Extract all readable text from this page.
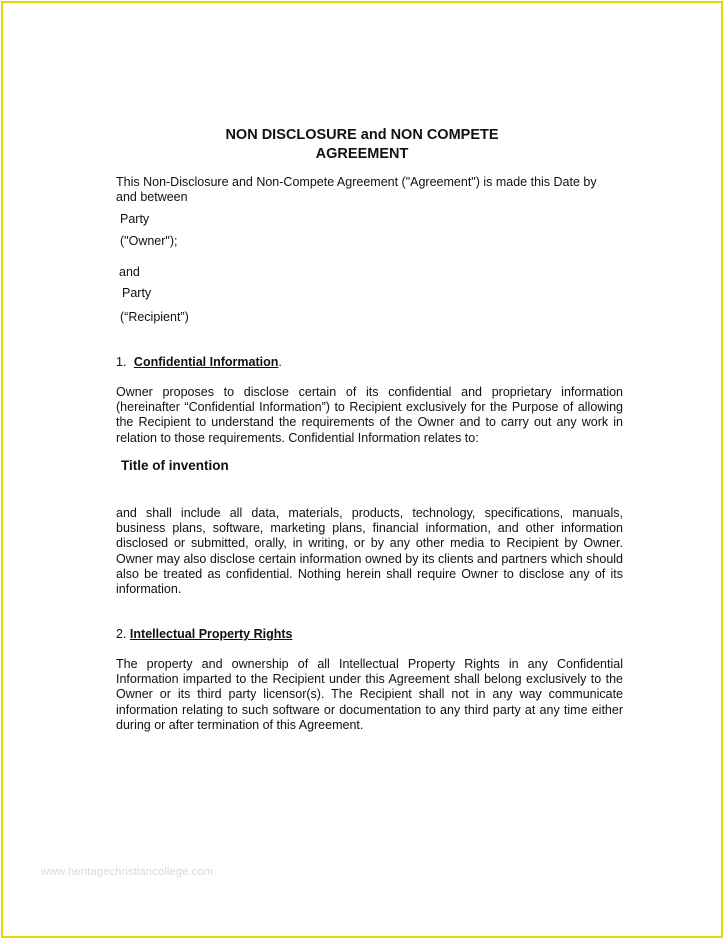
NON DISCLOSURE and NON COMPETE
AGREEMENT
This Non-Disclosure and Non-Compete Agreement ("Agreement") is made this Date by and between
Party
("Owner");
and
Party
(“Recipient”)
1. Confidential Information.
Owner proposes to disclose certain of its confidential and proprietary information (hereinafter “Confidential Information”) to Recipient exclusively for the Purpose of allowing the Recipient to understand the requirements of the Owner and to carry out any work in relation to those requirements. Confidential Information relates to:
Title of invention
and shall include all data, materials, products, technology, specifications, manuals, business plans, software, marketing plans, financial information, and other information disclosed or submitted, orally, in writing, or by any other media to Recipient by Owner. Owner may also disclose certain information owned by its clients and partners which should also be treated as confidential. Nothing herein shall require Owner to disclose any of its information.
2. Intellectual Property Rights
The property and ownership of all Intellectual Property Rights in any Confidential Information imparted to the Recipient under this Agreement shall belong exclusively to the Owner or its third party licensor(s). The Recipient shall not in any way communicate information relating to such software or documentation to any third party at any time either during or after termination of this Agreement.
www.heritagechristiancollege.com
